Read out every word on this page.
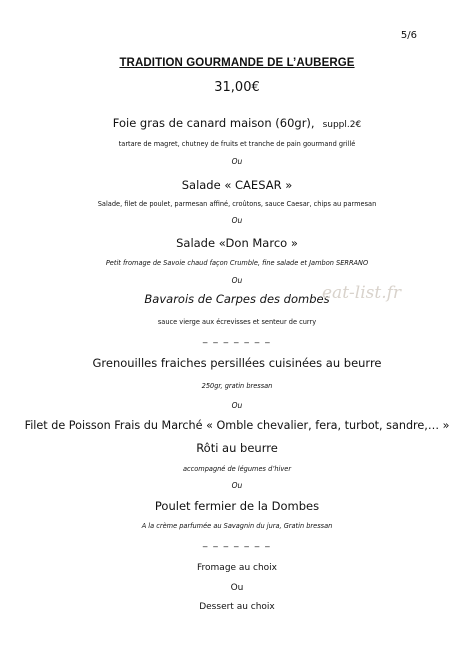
5/6
TRADITION GOURMANDE DE L’AUBERGE
31,00€
Foie gras de canard maison (60gr), suppl.2€
tartare de magret, chutney de fruits et tranche de pain gourmand grillé
Ou
Salade « CAESAR »
Salade, filet de poulet, parmesan affiné, croûtons, sauce Caesar, chips au parmesan
Ou
Salade «Don Marco »
Petit fromage de Savoie chaud façon Crumble, fine salade et Jambon SERRANO
Ou
Bavarois de Carpes des dombes
eat-list.fr
sauce vierge aux écrevisses et senteur de curry
_ _ _ _ _ _ _
Grenouilles fraiches persillées cuisinées au beurre
250gr, gratin bressan
Ou
Filet de Poisson Frais du Marché « Omble chevalier, fera, turbot, sandre,… »
Rôti au beurre
accompagné de légumes d’hiver
Ou
Poulet fermier de la Dombes
A la crème parfumée au Savagnin du jura, Gratin bressan
_ _ _ _ _ _ _
Fromage au choix
Ou
Dessert au choix
